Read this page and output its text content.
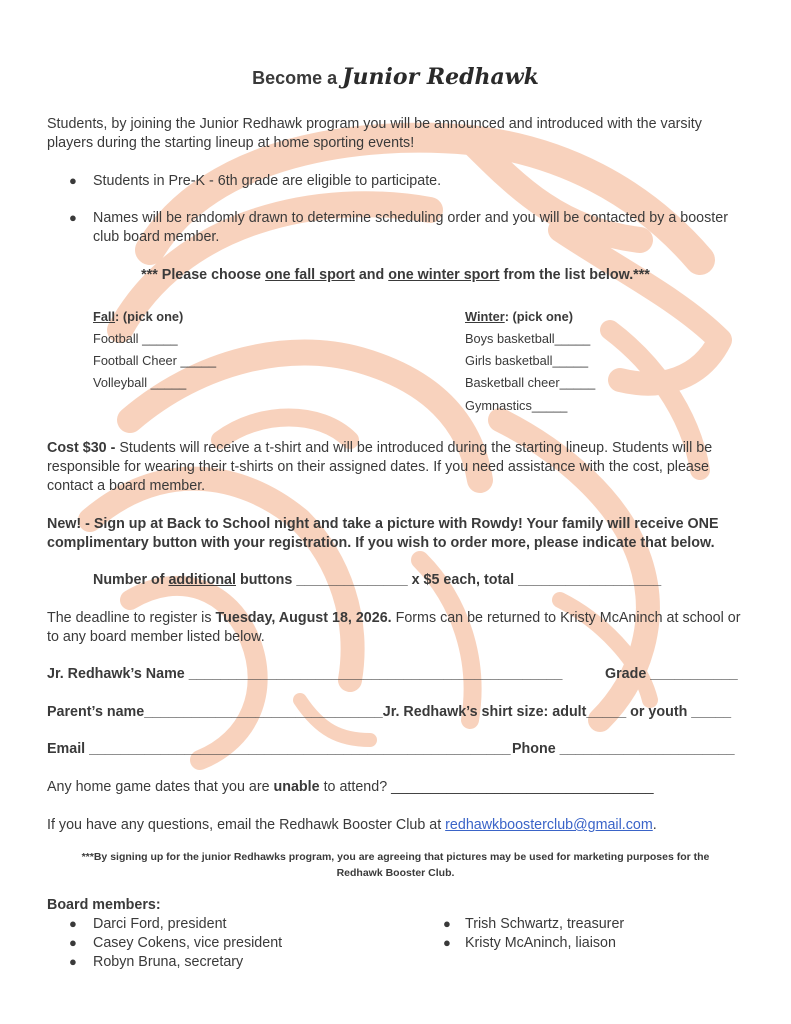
Become a Junior Redhawk
Students, by joining the Junior Redhawk program you will be announced and introduced with the varsity players during the starting lineup at home sporting events!
● Students in Pre-K - 6th grade are eligible to participate.
● Names will be randomly drawn to determine scheduling order and you will be contacted by a booster club board member.
*** Please choose one fall sport and one winter sport from the list below.***
Fall: (pick one)
Football _____
Football Cheer _____
Volleyball _____
Winter: (pick one)
Boys basketball_____
Girls basketball_____
Basketball cheer_____
Gymnastics_____
Cost $30 - Students will receive a t-shirt and will be introduced during the starting lineup. Students will be
responsible for wearing their t-shirts on their assigned dates. If you need assistance with the cost, please
contact a board member.
New! - Sign up at Back to School night and take a picture with Rowdy! Your family will receive ONE
complimentary button with your registration. If you wish to order more, please indicate that below.
Number of additional buttons ______________ x $5 each, total __________________
The deadline to register is Tuesday, August 18, 2026. Forms can be returned to Kristy McAninch at school or
to any board member listed below.
Jr. Redhawk’s Name _______________________________________________	Grade ___________
Parent’s name______________________________Jr. Redhawk’s shirt size: adult_____ or youth _____
Email _____________________________________________________ Phone ______________________
Any home game dates that you are unable to attend? _________________________________
If you have any questions, email the Redhawk Booster Club at redhawkboosterclub@gmail.com.
***By signing up for the junior Redhawks program, you are agreeing that pictures may be used for marketing purposes for the
Redhawk Booster Club.
Board members:
● Darci Ford, president
● Casey Cokens, vice president
● Robyn Bruna, secretary
● Trish Schwartz, treasurer
● Kristy McAninch, liaison
